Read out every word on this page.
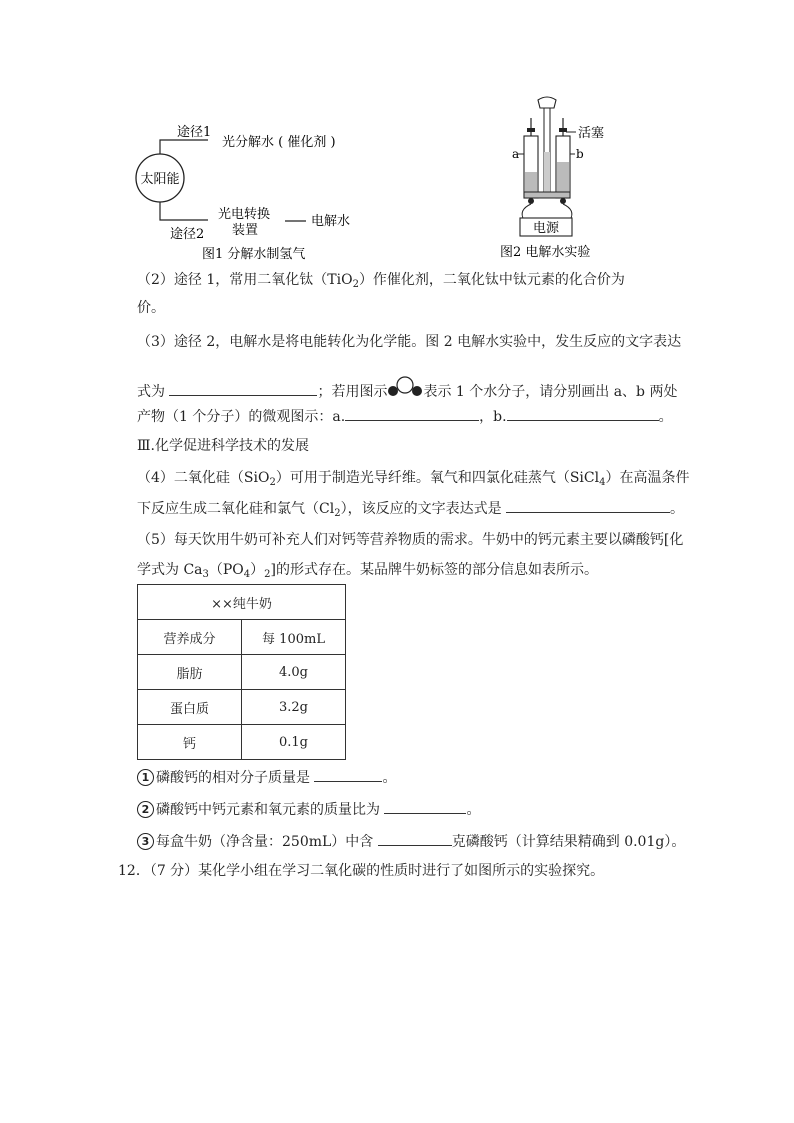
太阳能
途径1
光分解水 ( 催化剂 )
途径2
光电转换
装置
电解水
图1 分解水制氢气
电源
活塞
a	b
图2 电解水实验
（2）途径 1，常用二氧化钛（TiO$_2$）作催化剂，二氧化钛中钛元素的化合价为
价。
（3）途径 2，电解水是将电能转化为化学能。图 2 电解水实验中，发生反应的文字表达
式为	；若用图示	表示 1 个水分子，请分别画出 a、b 两处
产物（1 个分子）的微观图示：a.	，b.	。
Ⅲ.化学促进科学技术的发展
（4）二氧化硅（SiO$_2$）可用于制造光导纤维。氧气和四氯化硅蒸气（SiCl$_4$）在高温条件
下反应生成二氧化硅和氯气$(Cl_2)$，该反应的文字表达式是	。
（5）每天饮用牛奶可补充人们对钙等营养物质的需求。牛奶中的钙元素主要以磷酸钙[化
学式为 $Ca_3(PO_4)_2$]的形式存在。某品牌牛奶标签的部分信息如表所示。
××纯牛奶	
营养成分	每 100mL
脂肪	4.0g
蛋白质	3.2g
钙	0.1g
1 磷酸钙的相对分子质量是	。
2 磷酸钙中钙元素和氧元素的质量比为	。
3 每盒牛奶（净含量：250mL）中含	克磷酸钙（计算结果精确到 0.01g）。
12．（7 分）某化学小组在学习二氧化碳的性质时进行了如图所示的实验探究。
